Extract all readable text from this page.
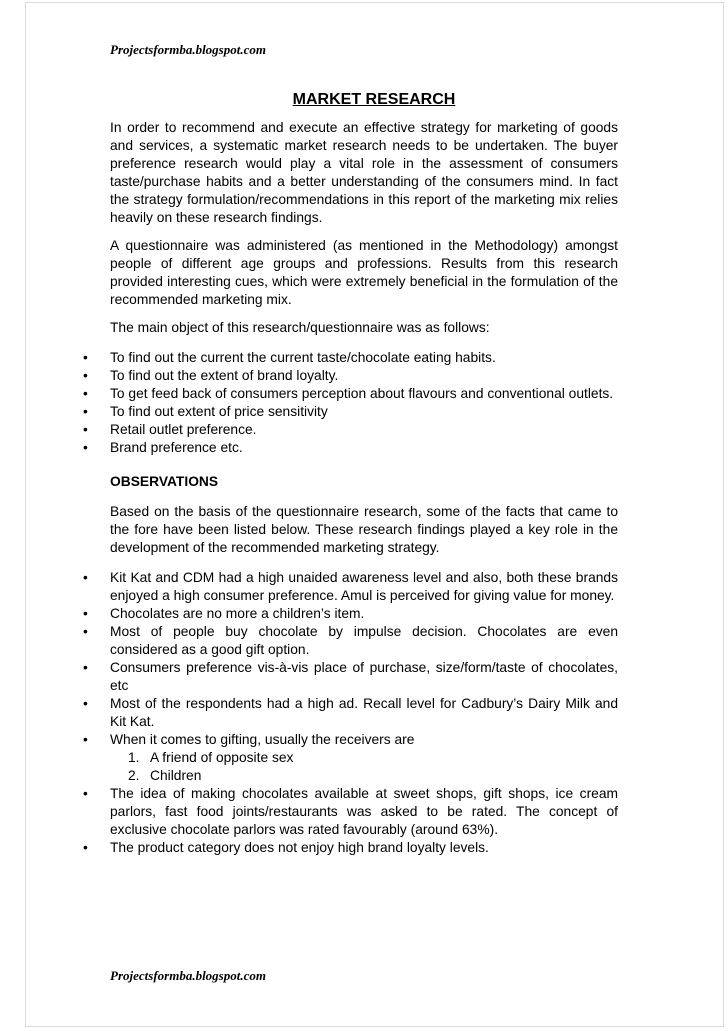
Projectsformba.blogspot.com
MARKET RESEARCH

In order to recommend and execute an effective strategy for marketing of goods and services, a systematic market research needs to be undertaken. The buyer preference research would play a vital role in the assessment of consumers taste/purchase habits and a better understanding of the consumers mind. In fact the strategy formulation/recommendations in this report of the marketing mix relies heavily on these research findings.

A questionnaire was administered (as mentioned in the Methodology) amongst people of different age groups and professions. Results from this research provided interesting cues, which were extremely beneficial in the formulation of the recommended marketing mix.

The main object of this research/questionnaire was as follows:

•	To find out the current the current taste/chocolate eating habits.
•	To find out the extent of brand loyalty.
•	To get feed back of consumers perception about flavours and conventional outlets.
•	To find out extent of price sensitivity
•	Retail outlet preference.
•	Brand preference etc.
OBSERVATIONS

Based on the basis of the questionnaire research, some of the facts that came to the fore have been listed below. These research findings played a key role in the development of the recommended marketing strategy.

•	Kit Kat and CDM had a high unaided awareness level and also, both these brands enjoyed a high consumer preference. Amul is perceived for giving value for money.
•	Chocolates are no more a children’s item.
•	Most of people buy chocolate by impulse decision. Chocolates are even considered as a good gift option.
•	Consumers preference vis-à-vis place of purchase, size/form/taste of chocolates, etc
•	Most of the respondents had a high ad. Recall level for Cadbury’s Dairy Milk and Kit Kat.
•	When it comes to gifting, usually the receivers are
1. A friend of opposite sex
2. Children
•	The idea of making chocolates available at sweet shops, gift shops, ice cream parlors, fast food joints/restaurants was asked to be rated. The concept of exclusive chocolate parlors was rated favourably (around 63%).
•	The product category does not enjoy high brand loyalty levels.
Projectsformba.blogspot.com
